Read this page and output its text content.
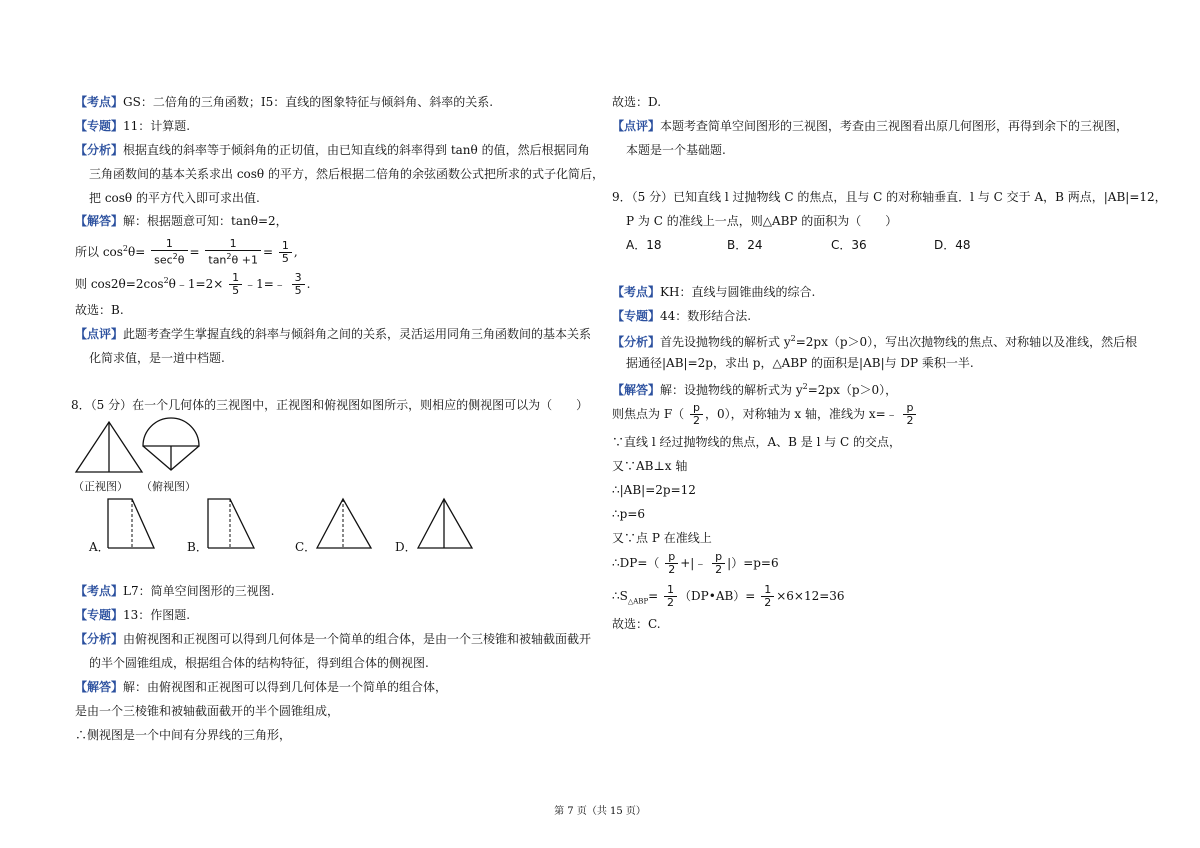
【考点】GS：二倍角的三角函数；I5：直线的图象特征与倾斜角、斜率的关系.
【专题】11：计算题.
【分析】根据直线的斜率等于倾斜角的正切值，由已知直线的斜率得到 tanθ 的值，然后根据同角
三角函数间的基本关系求出 cosθ 的平方，然后根据二倍角的余弦函数公式把所求的式子化简后，
把 cosθ 的平方代入即可求出值.
【解答】解：根据题意可知：tanθ=2，
所以 $\cos^2\theta= \frac{1}{\sec^2\theta} = \frac{1}{\tan^2\theta +1} = \frac{1}{5}$ ,
则 $\cos 2\theta=2\cos^2\theta﹣1=2\times \frac{1}{5}$ ﹣1=﹣ $\frac{3}{5}$ .
故选：B.
【点评】此题考查学生掌握直线的斜率与倾斜角之间的关系，灵活运用同角三角函数间的基本关系
化简求值，是一道中档题.
8．（5 分）在一个几何体的三视图中，正视图和俯视图如图所示，则相应的侧视图可以为（　　）
（正视图） （俯视图）
A．	B．	C．	D．
【考点】L7：简单空间图形的三视图.
【专题】13：作图题.
【分析】由俯视图和正视图可以得到几何体是一个简单的组合体，是由一个三棱锥和被轴截面截开
的半个圆锥组成，根据组合体的结构特征，得到组合体的侧视图.
【解答】解：由俯视图和正视图可以得到几何体是一个简单的组合体，
是由一个三棱锥和被轴截面截开的半个圆锥组成，
∴侧视图是一个中间有分界线的三角形，
故选：D.
【点评】本题考查简单空间图形的三视图，考查由三视图看出原几何图形，再得到余下的三视图，
本题是一个基础题.
9．（5 分）已知直线 l 过抛物线 C 的焦点，且与 C 的对称轴垂直．l 与 C 交于 A，B 两点，|AB|=12，
P 为 C 的准线上一点，则△ABP 的面积为（　　）
A．18	B．24	C．36	D．48
【考点】KH：直线与圆锥曲线的综合.
【专题】44：数形结合法.
【分析】首先设抛物线的解析式 $y^2=2px(p>0)$，写出次抛物线的焦点、对称轴以及准线，然后根
据通径|AB|=2p，求出 p，△ABP 的面积是|AB|与 DP 乘积一半.
【解答】解：设抛物线的解析式为 $y^2=2px(p>0)$，
则焦点为 $F( \frac{p}{2}$ ，0），对称轴为 x 轴，准线为 x=﹣ $\frac{p}{2}$
∵直线 l 经过抛物线的焦点，A、B 是 l 与 C 的交点，
又∵AB⊥x 轴
∴|AB|=2p=12
∴p=6
又∵点 P 在准线上
∴DP=（ $\frac{p}{2}$ +|﹣ $\frac{p}{2} |)=p=6$
$\therefore S_{\triangle ABP}= \frac{1}{2}$ （DP•AB）= $\frac{1}{2} \times 6\times 12=36$
故选：C.
第 7 页（共 15 页）
